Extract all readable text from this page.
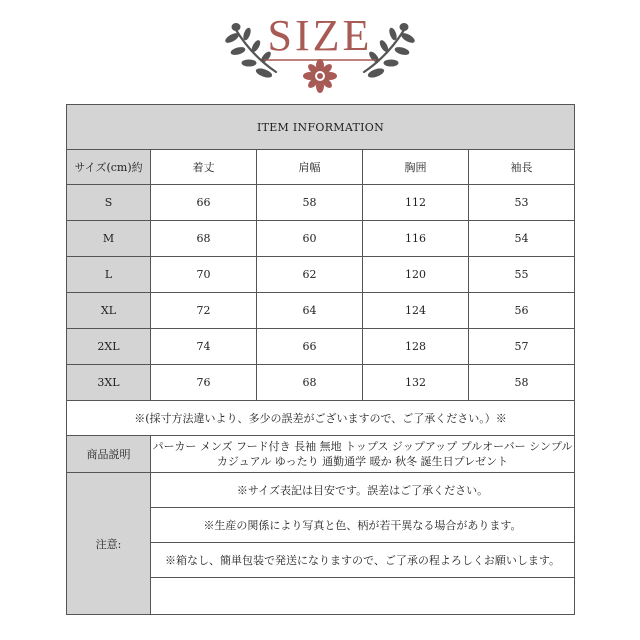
SIZE
ITEM INFORMATION				
サイズ(cm)約	着丈	肩幅	胸囲	袖長
S	66	58	112	53
M	68	60	116	54
L	70	62	120	55
XL	72	64	124	56
2XL	74	66	128	57
3XL	76	68	132	58
※(採寸方法違いより、多少の誤差がございますので、ご了承ください。）※				
商品説明	パーカー メンズ フード付き 長袖 無地 トップス ジップアップ プルオーバー シンプル カジュアル ゆったり 通勤通学 暖か 秋冬 誕生日プレゼント			
注意:	※サイズ表記は目安です。誤差はご了承ください。			
	※生産の関係により写真と色、柄が若干異なる場合があります。			
	※箱なし、簡単包装で発送になりますので、ご了承の程よろしくお願いします。			
